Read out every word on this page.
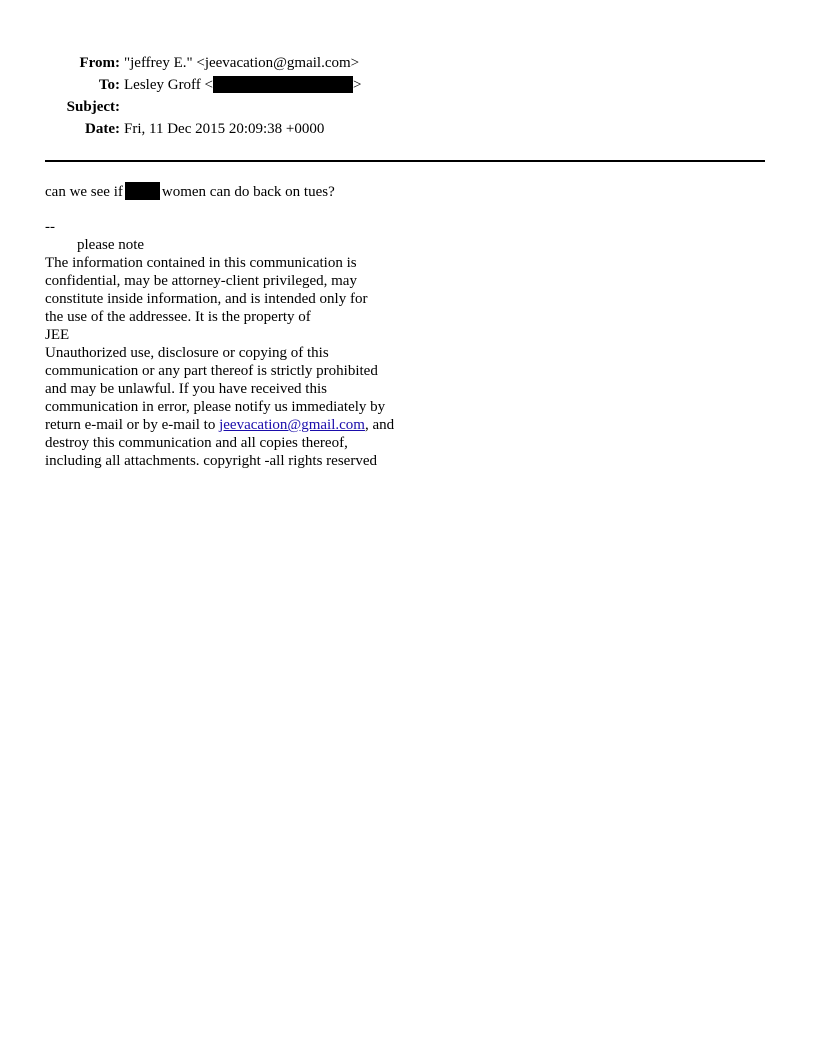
From: "jeffrey E." <jeevacation@gmail.com>
To: Lesley Groff <	>
Subject:
Date: Fri, 11 Dec 2015 20:09:38 +0000
can we see if	women can do back on tues?
--
please note
The information contained in this communication is
confidential, may be attorney-client privileged, may
constitute inside information, and is intended only for
the use of the addressee. It is the property of
JEE
Unauthorized use, disclosure or copying of this
communication or any part thereof is strictly prohibited
and may be unlawful. If you have received this
communication in error, please notify us immediately by
return e-mail or by e-mail to jeevacation@gmail.com, and
destroy this communication and all copies thereof,
including all attachments. copyright -all rights reserved
